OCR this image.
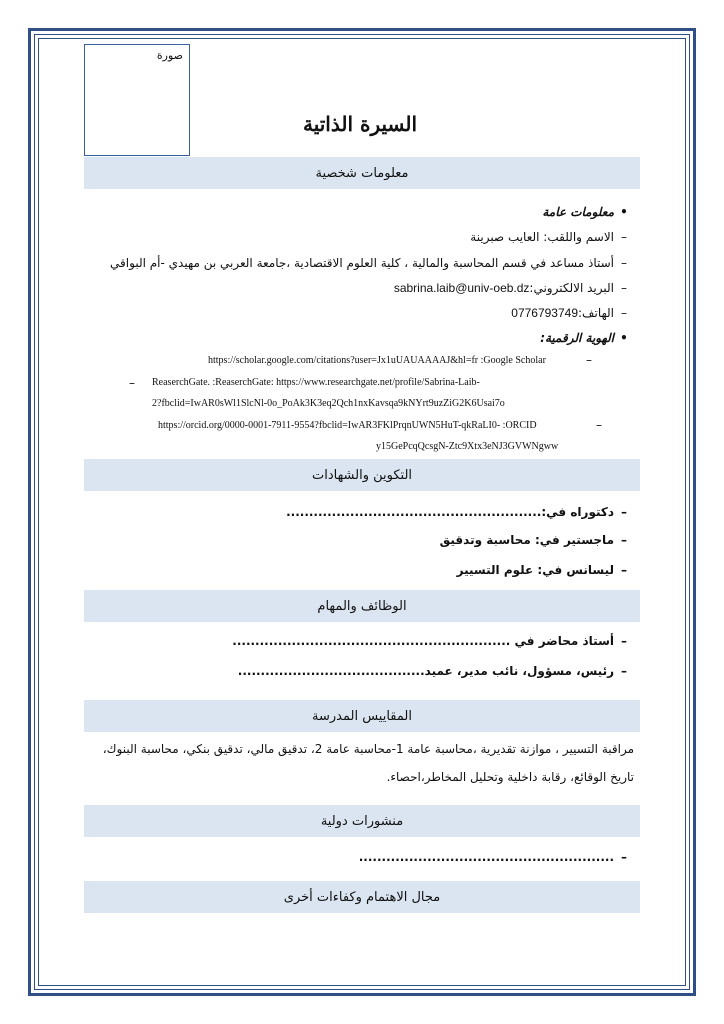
صورة
السيرة الذاتية
معلومات شخصية
•معلومات عامة
–الاسم واللقب: العايب صبرينة
–أستاذ مساعد في قسم المحاسبة والمالية ، كلية العلوم الاقتصادية ،جامعة العربي بن مهيدي -أم البواقي
–البريد الالكتروني:sabrina.laib@univ-oeb.dz
–الهاتف:0776793749
•الهوية الرقمية:
–
https://scholar.google.com/citations?user=Jx1uUAUAAAAJ&hl=fr :Google Scholar
– ReaserchGate. :ReaserchGate: https://www.researchgate.net/profile/Sabrina-Laib-
2?fbclid=IwAR0sWl1SlcNl-0o_PoAk3K3eq2Qch1nxKavsqa9kNYrt9uzZiG2K6Usai7o
–
https://orcid.org/0000-0001-7911-9554?fbclid=IwAR3FKlPrqnUWN5HuT-qkRaLI0- :ORCID
y15GePcqQcsgN-Ztc9Xtx3eNJ3GVWNgww
التكوين والشهادات
–دكتوراه في:........................................................
–ماجستير في: محاسبة وتدقيق
–ليسانس في: علوم التسيير
الوظائف والمهام
–أستاذ محاضر في .............................................................
–رئيس، مسؤول، نائب مدير، عميد.........................................
المقاييس المدرسة
مراقبة التسيير ، موازنة تقديرية ،محاسبة عامة 1-محاسبة عامة 2، تدقيق مالي، تدقيق بنكي، محاسبة البنوك،
تاريخ الوقائع، رقابة داخلية وتحليل المخاطر،احصاء.
منشورات دولية
–........................................................
مجال الاهتمام وكفاءات أخرى
